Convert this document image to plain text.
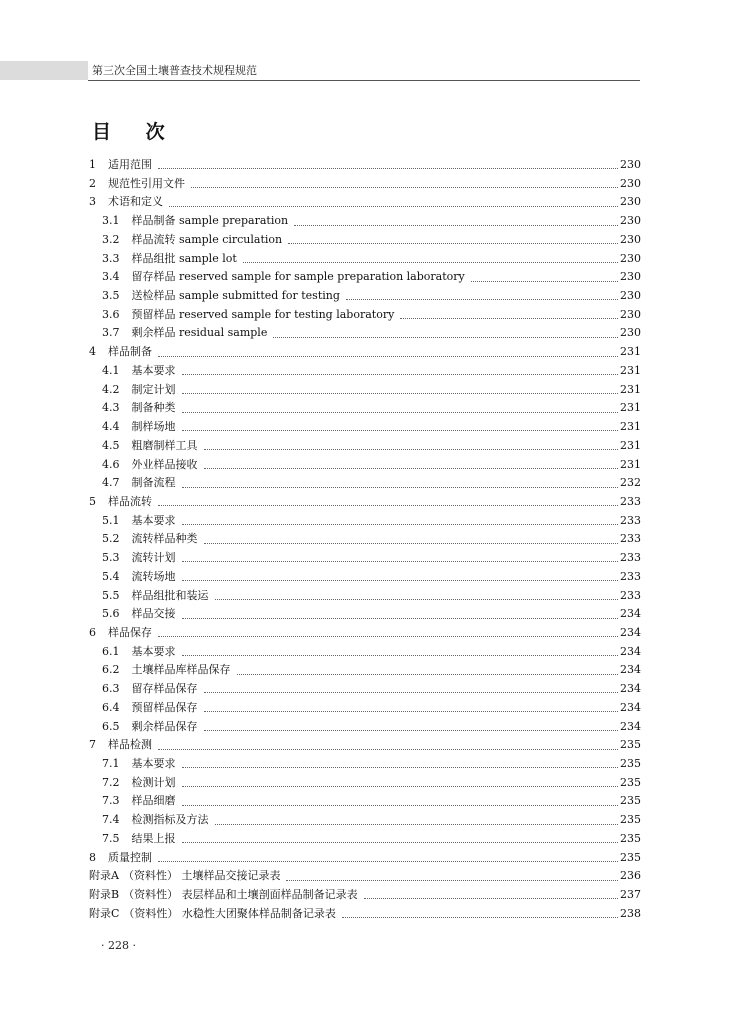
第三次全国土壤普查技术规程规范
目 次
1 适用范围	230
2 规范性引用文件	230
3 术语和定义	230
3.1 样品制备 sample preparation	230
3.2 样品流转 sample circulation	230
3.3 样品组批 sample lot	230
3.4 留存样品 reserved sample for sample preparation laboratory	230
3.5 送检样品 sample submitted for testing	230
3.6 预留样品 reserved sample for testing laboratory	230
3.7 剩余样品 residual sample	230
4 样品制备	231
4.1 基本要求	231
4.2 制定计划	231
4.3 制备种类	231
4.4 制样场地	231
4.5 粗磨制样工具	231
4.6 外业样品接收	231
4.7 制备流程	232
5 样品流转	233
5.1 基本要求	233
5.2 流转样品种类	233
5.3 流转计划	233
5.4 流转场地	233
5.5 样品组批和装运	233
5.6 样品交接	234
6 样品保存	234
6.1 基本要求	234
6.2 土壤样品库样品保存	234
6.3 留存样品保存	234
6.4 预留样品保存	234
6.5 剩余样品保存	234
7 样品检测	235
7.1 基本要求	235
7.2 检测计划	235
7.3 样品细磨	235
7.4 检测指标及方法	235
7.5 结果上报	235
8 质量控制	235
附录A （资料性） 土壤样品交接记录表	236
附录B （资料性） 表层样品和土壤剖面样品制备记录表	237
附录C （资料性） 水稳性大团聚体样品制备记录表	238
· 228 ·
